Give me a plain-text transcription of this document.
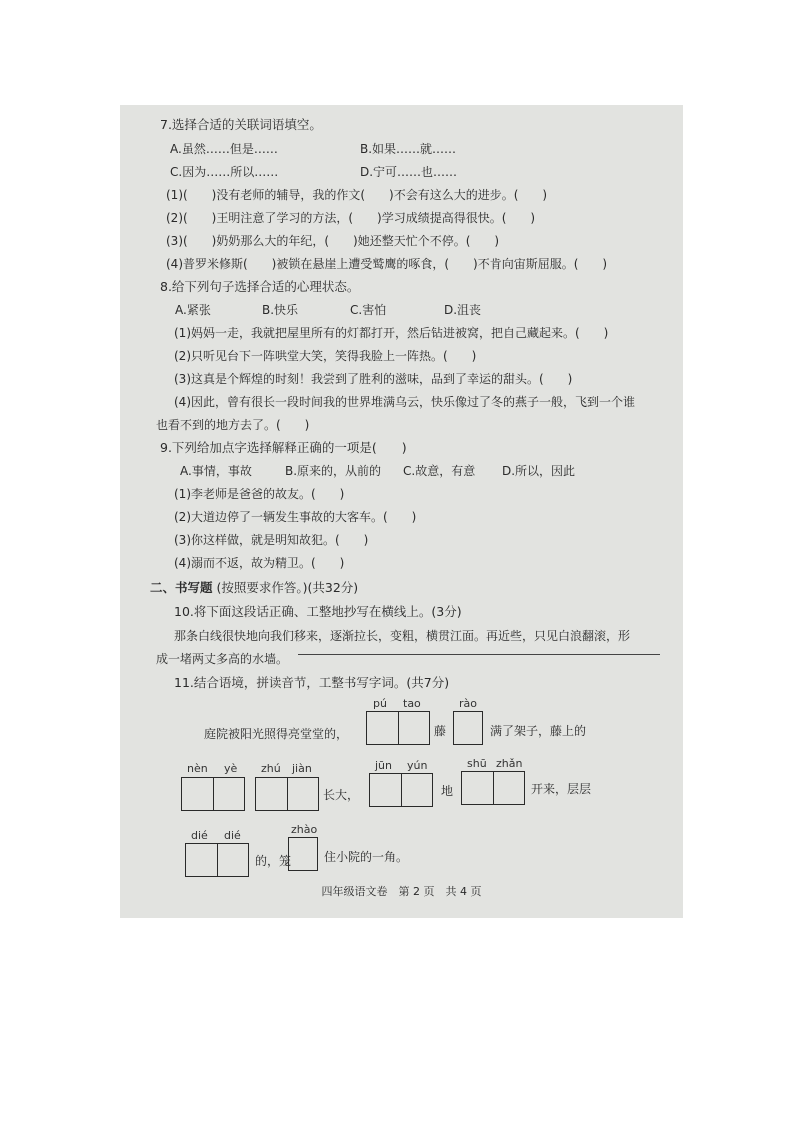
7.选择合适的关联词语填空。
A.虽然……但是……	B.如果……就……
C.因为……所以……	D.宁可……也……
(1)(　　)没有老师的辅导，我的作文(　　)不会有这么大的进步。(　　)
(2)(　　)王明注意了学习的方法，(　　)学习成绩提高得很快。(　　)
(3)(　　)奶奶那么大的年纪，(　　)她还整天忙个不停。(　　)
(4)普罗米修斯(　　)被锁在悬崖上遭受鹫鹰的啄食，(　　)不肯向宙斯屈服。(　　)
8.给下列句子选择合适的心理状态。
A.紧张	B.快乐	C.害怕	D.沮丧
(1)妈妈一走，我就把屋里所有的灯都打开，然后钻进被窝，把自己藏起来。(　　)
(2)只听见台下一阵哄堂大笑，笑得我脸上一阵热。(　　)
(3)这真是个辉煌的时刻！我尝到了胜利的滋味，品到了幸运的甜头。(　　)
(4)因此，曾有很长一段时间我的世界堆满乌云，快乐像过了冬的燕子一般，飞到一个谁
也看不到的地方去了。(　　)
9.下列给加点字选择解释正确的一项是(　　)
A.事情，事故	B.原来的，从前的 C.故意，有意 D.所以，因此
(1)李老师是爸爸的故友。(　　)
(2)大道边停了一辆发生事故的大客车。(　　)
(3)你这样做，就是明知故犯。(　　)
(4)溺而不返，故为精卫。(　　)
二、书写题 (按照要求作答。)(共32分)
10.将下面这段话正确、工整地抄写在横线上。(3分)
那条白线很快地向我们移来，逐渐拉长，变粗，横贯江面。再近些，只见白浪翻滚，形
成一堵两丈多高的水墙。
11.结合语境，拼读音节，工整书写字词。(共7分)
pú tao	rào
庭院被阳光照得亮堂堂的，	藤	满了架子，藤上的
nèn yè zhú jiàn	jūn yún	shū zhǎn
长大，	地	开来，层层
dié dié	zhào
的，笼	住小院的一角。
四年级语文卷　第 2 页　共 4 页
